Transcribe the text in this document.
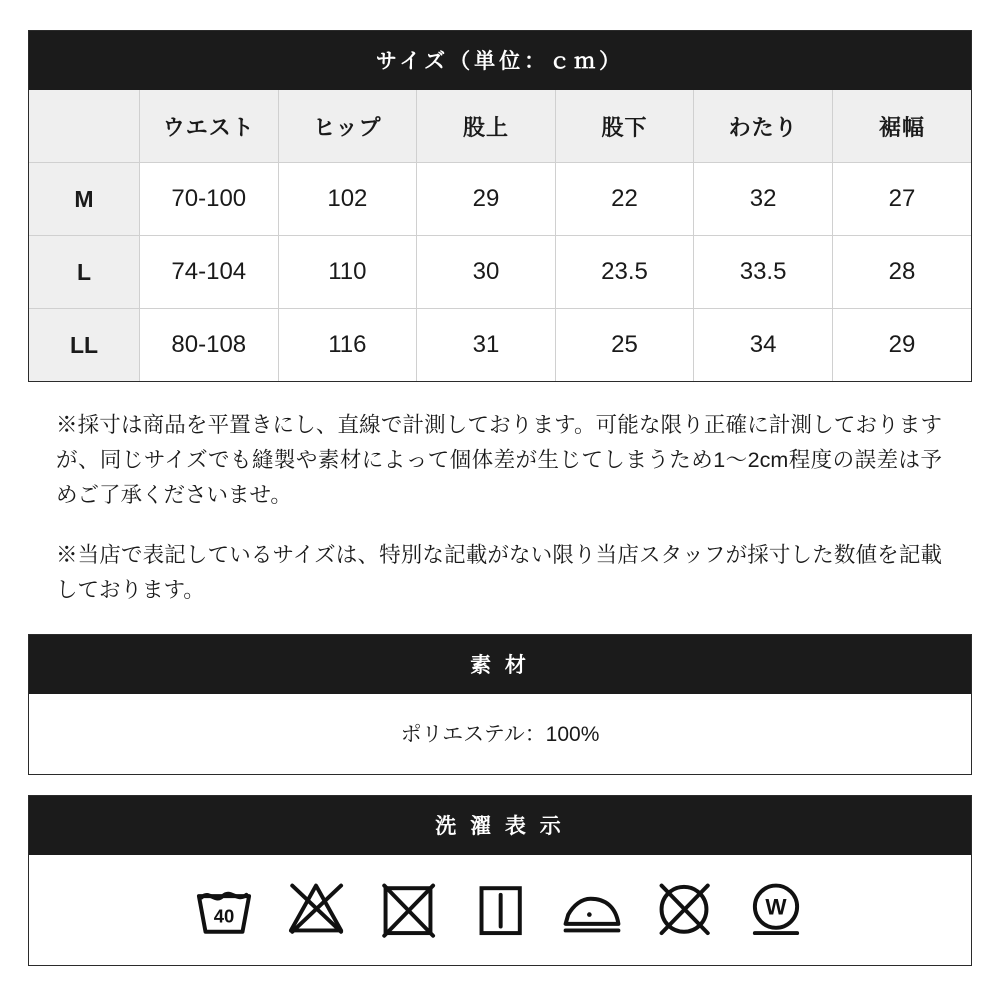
サイズ（単位：ｃｍ）
	ウエスト	ヒップ	股上	股下	わたり	裾幅
M	70-100	102	29	22	32	27
L	74-104	110	30	23.5	33.5	28
LL	80-108	116	31	25	34	29

※採寸は商品を平置きにし、直線で計測しております。可能な限り正確に計測しておりますが、同じサイズでも縫製や素材によって個体差が生じてしまうため1〜2cm程度の誤差は予めご了承くださいませ。

※当店で表記しているサイズは、特別な記載がない限り当店スタッフが採寸した数値を記載しております。

素 材
ポリエステル：100%
洗 濯 表 示
40	W
